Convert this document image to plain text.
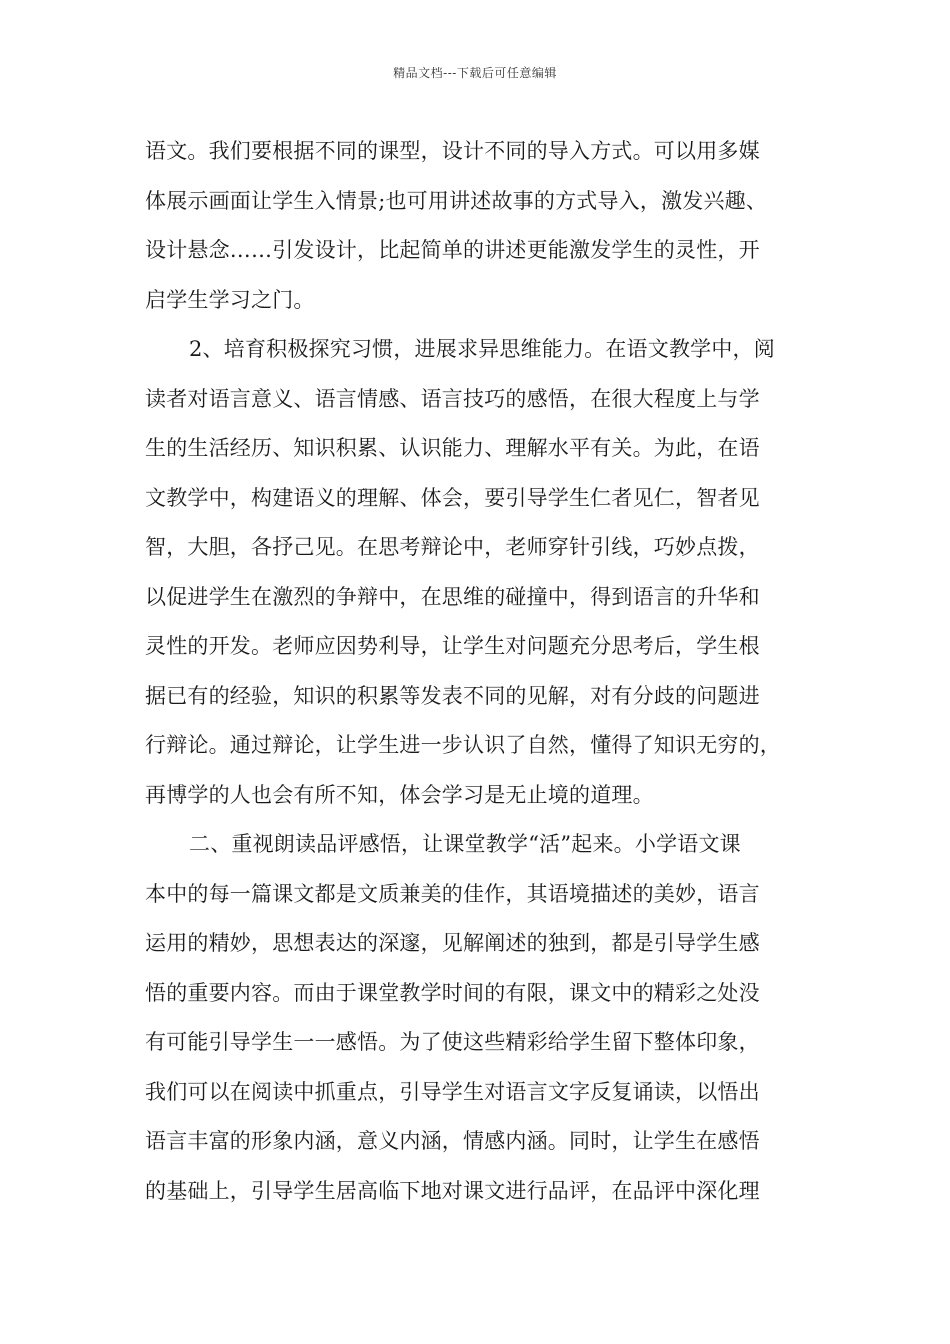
精品文档---下载后可任意编辑
语文。我们要根据不同的课型，设计不同的导入方式。可以用多媒
体展示画面让学生入情景;也可用讲述故事的方式导入，激发兴趣、
设计悬念……引发设计，比起简单的讲述更能激发学生的灵性，开
启学生学习之门。
2、培育积极探究习惯，进展求异思维能力。在语文教学中，阅
读者对语言意义、语言情感、语言技巧的感悟，在很大程度上与学
生的生活经历、知识积累、认识能力、理解水平有关。为此，在语
文教学中，构建语义的理解、体会，要引导学生仁者见仁，智者见
智，大胆，各抒己见。在思考辩论中，老师穿针引线，巧妙点拨，
以促进学生在激烈的争辩中，在思维的碰撞中，得到语言的升华和
灵性的开发。老师应因势利导，让学生对问题充分思考后，学生根
据已有的经验，知识的积累等发表不同的见解，对有分歧的问题进
行辩论。通过辩论，让学生进一步认识了自然，懂得了知识无穷的，
再博学的人也会有所不知，体会学习是无止境的道理。
二、重视朗读品评感悟，让课堂教学“活”起来。小学语文课
本中的每一篇课文都是文质兼美的佳作，其语境描述的美妙，语言
运用的精妙，思想表达的深邃，见解阐述的独到，都是引导学生感
悟的重要内容。而由于课堂教学时间的有限，课文中的精彩之处没
有可能引导学生一一感悟。为了使这些精彩给学生留下整体印象，
我们可以在阅读中抓重点，引导学生对语言文字反复诵读，以悟出
语言丰富的形象内涵，意义内涵，情感内涵。同时，让学生在感悟
的基础上，引导学生居高临下地对课文进行品评，在品评中深化理
